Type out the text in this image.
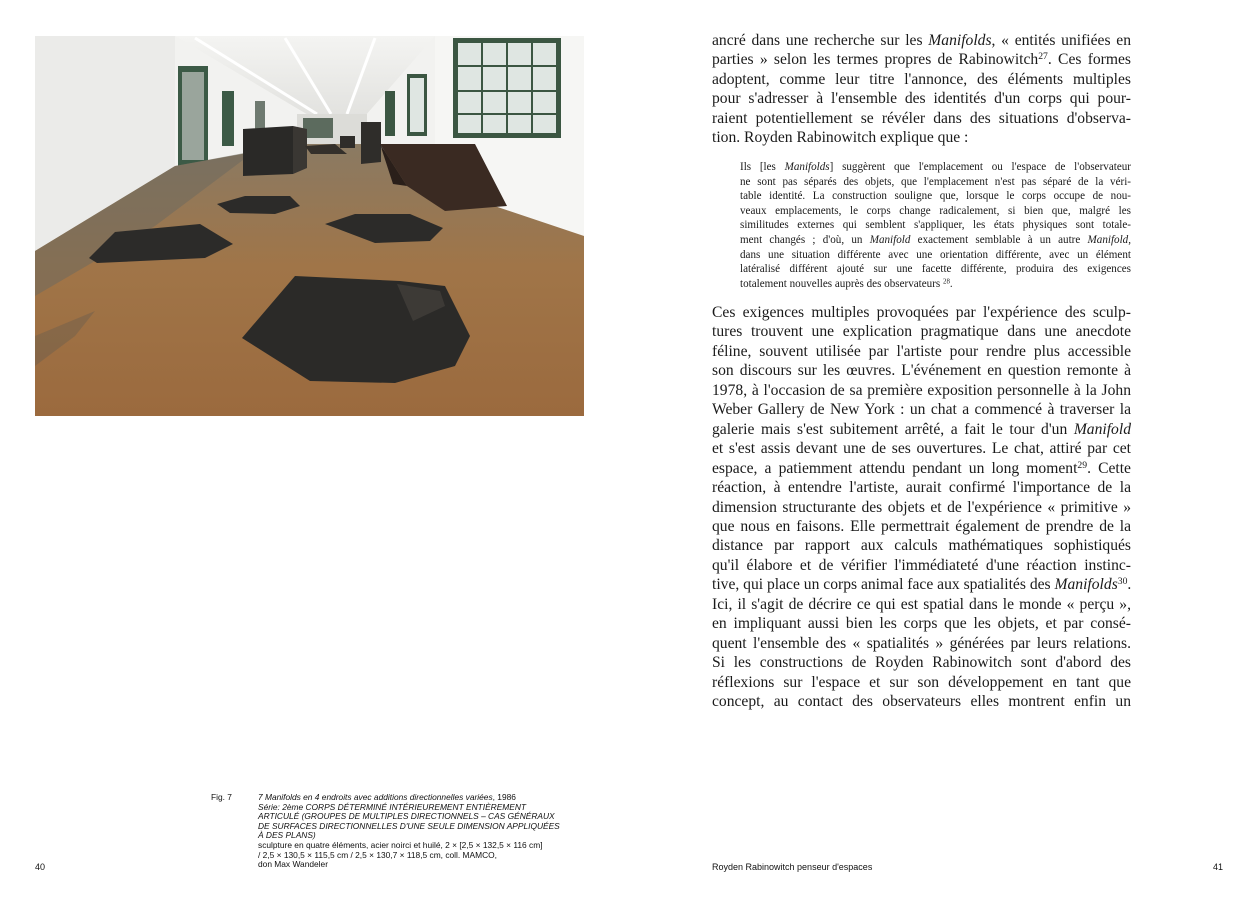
Fig. 7	7 Manifolds en 4 endroits avec additions directionnelles variées, 1986
Série: 2ème CORPS DÉTERMINÉ INTÉRIEUREMENT ENTIÈREMENT
ARTICULÉ (GROUPES DE MULTIPLES DIRECTIONNELS – CAS GÉNÉRAUX
DE SURFACES DIRECTIONNELLES D'UNE SEULE DIMENSION APPLIQUÉES
À DES PLANS)
sculpture en quatre éléments, acier noirci et huilé, 2 × [2,5 × 132,5 × 116 cm]
/ 2,5 × 130,5 × 115,5 cm / 2,5 × 130,7 × 118,5 cm, coll. MAMCO,
don Max Wandeler
40
ancré dans une recherche sur les Manifolds, « entités unifiées en
parties » selon les termes propres de Rabinowitch$^{27}$. Ces formes
adoptent, comme leur titre l'annonce, des éléments multiples
pour s'adresser à l'ensemble des identités d'un corps qui pour-
raient potentiellement se révéler dans des situations d'observa-
tion. Royden Rabinowitch explique que :
Ils [les Manifolds] suggèrent que l'emplacement ou l'espace de l'observateur
ne sont pas séparés des objets, que l'emplacement n'est pas séparé de la véri-
table identité. La construction souligne que, lorsque le corps occupe de nou-
veaux emplacements, le corps change radicalement, si bien que, malgré les
similitudes externes qui semblent s'appliquer, les états physiques sont totale-
ment changés ; d'où, un Manifold exactement semblable à un autre Manifold,
dans une situation différente avec une orientation différente, avec un élément
latéralisé différent ajouté sur une facette différente, produira des exigences
totalement nouvelles auprès des observateurs $^{28}$.
Ces exigences multiples provoquées par l'expérience des sculp-
tures trouvent une explication pragmatique dans une anecdote
féline, souvent utilisée par l'artiste pour rendre plus accessible
son discours sur les œuvres. L'événement en question remonte à
1978, à l'occasion de sa première exposition personnelle à la John
Weber Gallery de New York : un chat a commencé à traverser la
galerie mais s'est subitement arrêté, a fait le tour d'un Manifold
et s'est assis devant une de ses ouvertures. Le chat, attiré par cet
espace, a patiemment attendu pendant un long moment$^{29}$. Cette
réaction, à entendre l'artiste, aurait confirmé l'importance de la
dimension structurante des objets et de l'expérience « primitive »
que nous en faisons. Elle permettrait également de prendre de la
distance par rapport aux calculs mathématiques sophistiqués
qu'il élabore et de vérifier l'immédiateté d'une réaction instinc-
tive, qui place un corps animal face aux spatialités des Manifolds$^{30}$.
Ici, il s'agit de décrire ce qui est spatial dans le monde « perçu »,
en impliquant aussi bien les corps que les objets, et par consé-
quent l'ensemble des « spatialités » générées par leurs relations.
Si les constructions de Royden Rabinowitch sont d'abord des
réflexions sur l'espace et sur son développement en tant que
concept, au contact des observateurs elles montrent enfin un
Royden Rabinowitch penseur d'espaces	41
